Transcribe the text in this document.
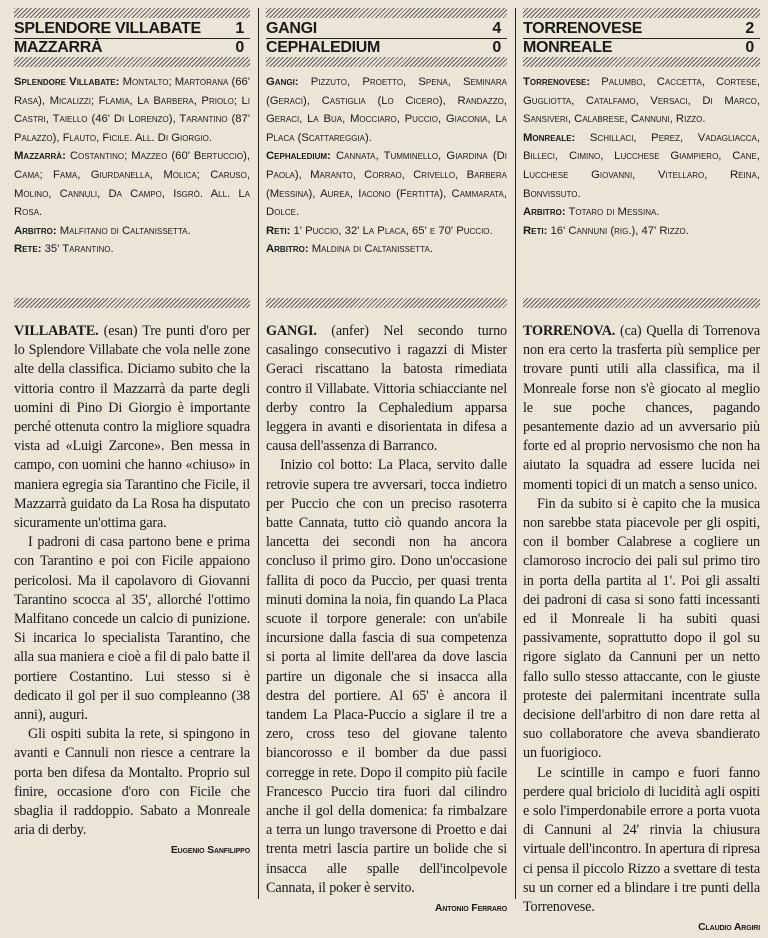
SPLENDORE VILLABATE 1
MAZZARRÀ	0

Splendore Villabate: Montalto; Martorana (66' Rasa), Micalizzi; Flamia, La Barbera, Priolo; Li Castri, Taiello (46' Di Lorenzo), Tarantino (87' Palazzo), Flauto, Ficile. All. Di Giorgio.

Mazzarrà: Costantino; Mazzeo (60' Bertuccio), Cama; Fama, Giurdanella, Molica; Caruso, Molino, Cannuli, Da Campo, Isgrò. All. La Rosa.

Arbitro: Malfitano di Caltanissetta.

Rete: 35' Tarantino.

VILLABATE. (esan) Tre punti d'oro per lo Splendore Villabate che vola nelle zone alte della classifica. Diciamo subito che la vittoria contro il Mazzarrà da parte degli uomini di Pino Di Giorgio è importante perché ottenuta contro la migliore squadra vista ad «Luigi Zarcone». Ben messa in campo, con uomini che hanno «chiuso» in maniera egregia sia Tarantino che Ficile, il Mazzarrà guidato da La Rosa ha disputato sicuramente un'ottima gara.

I padroni di casa partono bene e prima con Tarantino e poi con Ficile appaiono pericolosi. Ma il capolavoro di Giovanni Tarantino scocca al 35', allorché l'ottimo Malfitano concede un calcio di punizione. Si incarica lo specialista Tarantino, che alla sua maniera e cioè a fil di palo batte il portiere Costantino. Lui stesso si è dedicato il gol per il suo compleanno (38 anni), auguri.

Gli ospiti subita la rete, si spingono in avanti e Cannuli non riesce a centrare la porta ben difesa da Montalto. Proprio sul finire, occasione d'oro con Ficile che sbaglia il raddoppio. Sabato a Monreale aria di derby.

Eugenio Sanfilippo
GANGI	4
CEPHALEDIUM	0

Gangi: Pizzuto, Proetto, Spena, Seminara (Geraci), Castiglia (Lo Cicero), Randazzo, Geraci, La Bua, Mocciaro, Puccio, Giaconia, La Placa (Scattareggia).

Cephaledium: Cannata, Tumminello, Giardina (Di Paola), Maranto, Corrao, Crivello, Barbera (Messina), Aurea, Iacono (Fertitta), Cammarata, Dolce.

Reti: 1' Puccio, 32' La Placa, 65' e 70' Puccio.

Arbitro: Maldina di Caltanissetta.

GANGI. (anfer) Nel secondo turno casalingo consecutivo i ragazzi di Mister Geraci riscattano la batosta rimediata contro il Villabate. Vittoria schiacciante nel derby contro la Cephaledium apparsa leggera in avanti e disorientata in difesa a causa dell'assenza di Barranco.

Inizio col botto: La Placa, servito dalle retrovie supera tre avversari, tocca indietro per Puccio che con un preciso rasoterra batte Cannata, tutto ciò quando ancora la lancetta dei secondi non ha ancora concluso il primo giro. Dono un'occasione fallita di poco da Puccio, per quasi trenta minuti domina la noia, fin quando La Placa scuote il torpore generale: con un'abile incursione dalla fascia di sua competenza si porta al limite dell'area da dove lascia partire un digonale che si insacca alla destra del portiere. Al 65' è ancora il tandem La Placa-Puccio a siglare il tre a zero, cross teso del giovane talento biancorosso e il bomber da due passi corregge in rete. Dopo il compito più facile Francesco Puccio tira fuori dal cilindro anche il gol della domenica: fa rimbalzare a terra un lungo traversone di Proetto e dai trenta metri lascia partire un bolide che si insacca alle spalle dell'incolpevole Cannata, il poker è servito.

Antonio Ferraro
TORRENOVESE	2
MONREALE	0

Torrenovese: Palumbo, Caccetta, Cortese, Gugliotta, Catalfamo, Versaci, Di Marco, Sansiveri, Calabrese, Cannuni, Rizzo.

Monreale: Schillaci, Perez, Vadagliacca, Billeci, Cimino, Lucchese Giampiero, Cane, Lucchese Giovanni, Vitellaro, Reina, Bonvissuto.

Arbitro: Totaro di Messina.

Reti: 16' Cannuni (rig.), 47' Rizzo.

TORRENOVA. (ca) Quella di Torrenova non era certo la trasferta più semplice per trovare punti utili alla classifica, ma il Monreale forse non s'è giocato al meglio le sue poche chances, pagando pesantemente dazio ad un avversario più forte ed al proprio nervosismo che non ha aiutato la squadra ad essere lucida nei momenti topici di un match a senso unico.

Fin da subito si è capito che la musica non sarebbe stata piacevole per gli ospiti, con il bomber Calabrese a cogliere un clamoroso incrocio dei pali sul primo tiro in porta della partita al 1'. Poi gli assalti dei padroni di casa si sono fatti incessanti ed il Monreale li ha subiti quasi passivamente, soprattutto dopo il gol su rigore siglato da Cannuni per un netto fallo sullo stesso attaccante, con le giuste proteste dei palermitani incentrate sulla decisione dell'arbitro di non dare retta al suo collaboratore che aveva sbandierato un fuorigioco.

Le scintille in campo e fuori fanno perdere qual briciolo di lucidità agli ospiti e solo l'imperdonabile errore a porta vuota di Cannuni al 24' rinvia la chiusura virtuale dell'incontro. In apertura di ripresa ci pensa il piccolo Rizzo a svettare di testa su un corner ed a blindare i tre punti della Torrenovese.

Claudio Argiri
